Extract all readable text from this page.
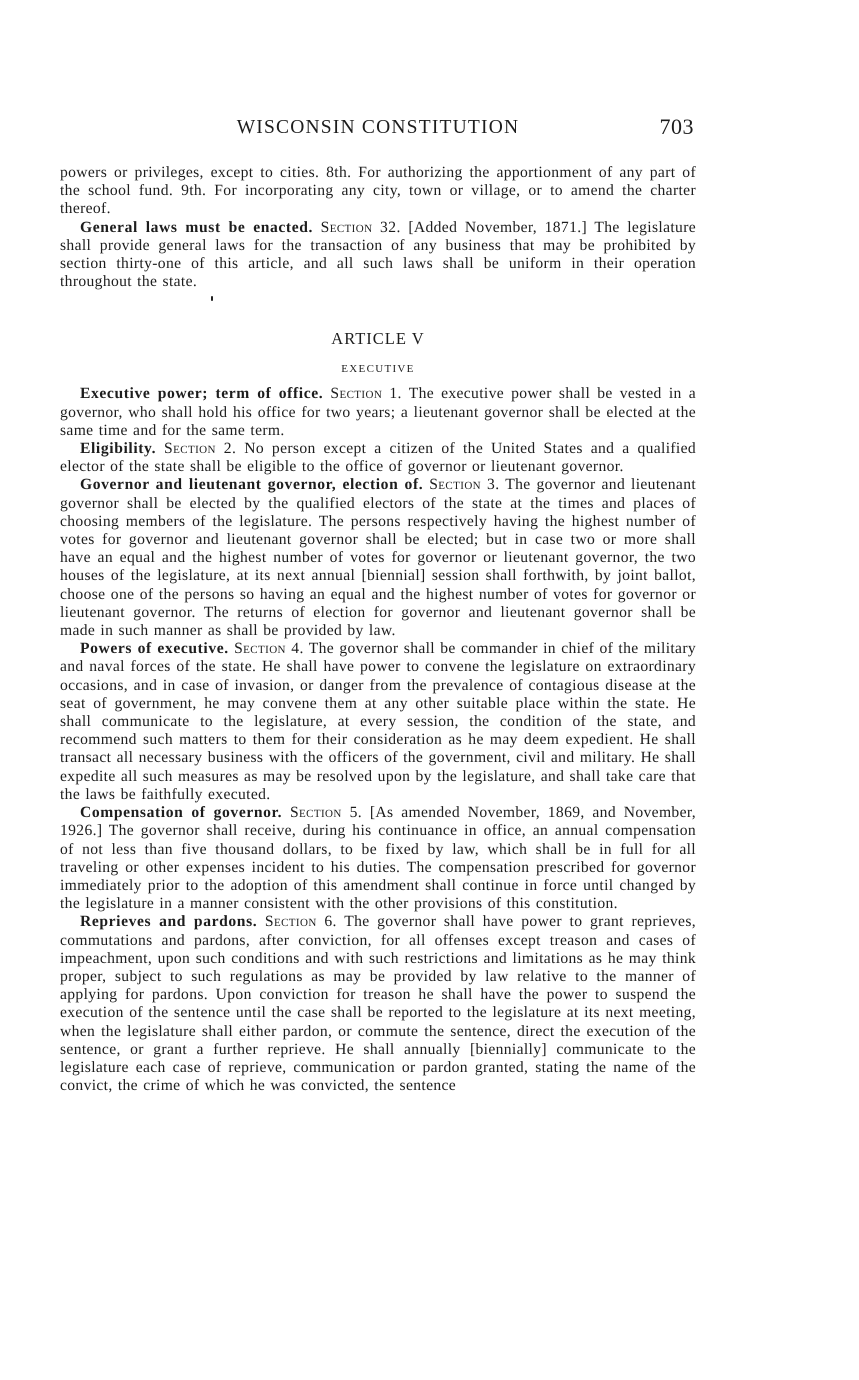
WISCONSIN CONSTITUTION	703

powers or privileges, except to cities. 8th. For authorizing the apportionment of any part of the school fund. 9th. For incorporating any city, town or village, or to amend the charter thereof.

General laws must be enacted. Section 32. [Added November, 1871.] The legislature shall provide general laws for the transaction of any business that may be prohibited by section thirty-one of this article, and all such laws shall be uniform in their operation throughout the state.

ARTICLE V
EXECUTIVE

Executive power; term of office. Section 1. The executive power shall be vested in a governor, who shall hold his office for two years; a lieutenant governor shall be elected at the same time and for the same term.

Eligibility. Section 2. No person except a citizen of the United States and a qualified elector of the state shall be eligible to the office of governor or lieutenant governor.

Governor and lieutenant governor, election of. Section 3. The governor and lieutenant governor shall be elected by the qualified electors of the state at the times and places of choosing members of the legislature. The persons respectively having the highest number of votes for governor and lieutenant governor shall be elected; but in case two or more shall have an equal and the highest number of votes for governor or lieutenant governor, the two houses of the legislature, at its next annual [biennial] session shall forthwith, by joint ballot, choose one of the persons so having an equal and the highest number of votes for governor or lieutenant governor. The returns of election for governor and lieutenant governor shall be made in such manner as shall be provided by law.

Powers of executive. Section 4. The governor shall be commander in chief of the military and naval forces of the state. He shall have power to convene the legislature on extraordinary occasions, and in case of invasion, or danger from the prevalence of contagious disease at the seat of government, he may convene them at any other suitable place within the state. He shall communicate to the legislature, at every session, the condition of the state, and recommend such matters to them for their consideration as he may deem expedient. He shall transact all necessary business with the officers of the government, civil and military. He shall expedite all such measures as may be resolved upon by the legislature, and shall take care that the laws be faithfully executed.

Compensation of governor. Section 5. [As amended November, 1869, and November, 1926.] The governor shall receive, during his continuance in office, an annual compensation of not less than five thousand dollars, to be fixed by law, which shall be in full for all traveling or other expenses incident to his duties. The compensation prescribed for governor immediately prior to the adoption of this amendment shall continue in force until changed by the legislature in a manner consistent with the other provisions of this constitution.

Reprieves and pardons. Section 6. The governor shall have power to grant reprieves, commutations and pardons, after conviction, for all offenses except treason and cases of impeachment, upon such conditions and with such restrictions and limitations as he may think proper, subject to such regulations as may be provided by law relative to the manner of applying for pardons. Upon conviction for treason he shall have the power to suspend the execution of the sentence until the case shall be reported to the legislature at its next meeting, when the legislature shall either pardon, or commute the sentence, direct the execution of the sentence, or grant a further reprieve. He shall annually [biennially] communicate to the legislature each case of reprieve, communication or pardon granted, stating the name of the convict, the crime of which he was convicted, the sentence
